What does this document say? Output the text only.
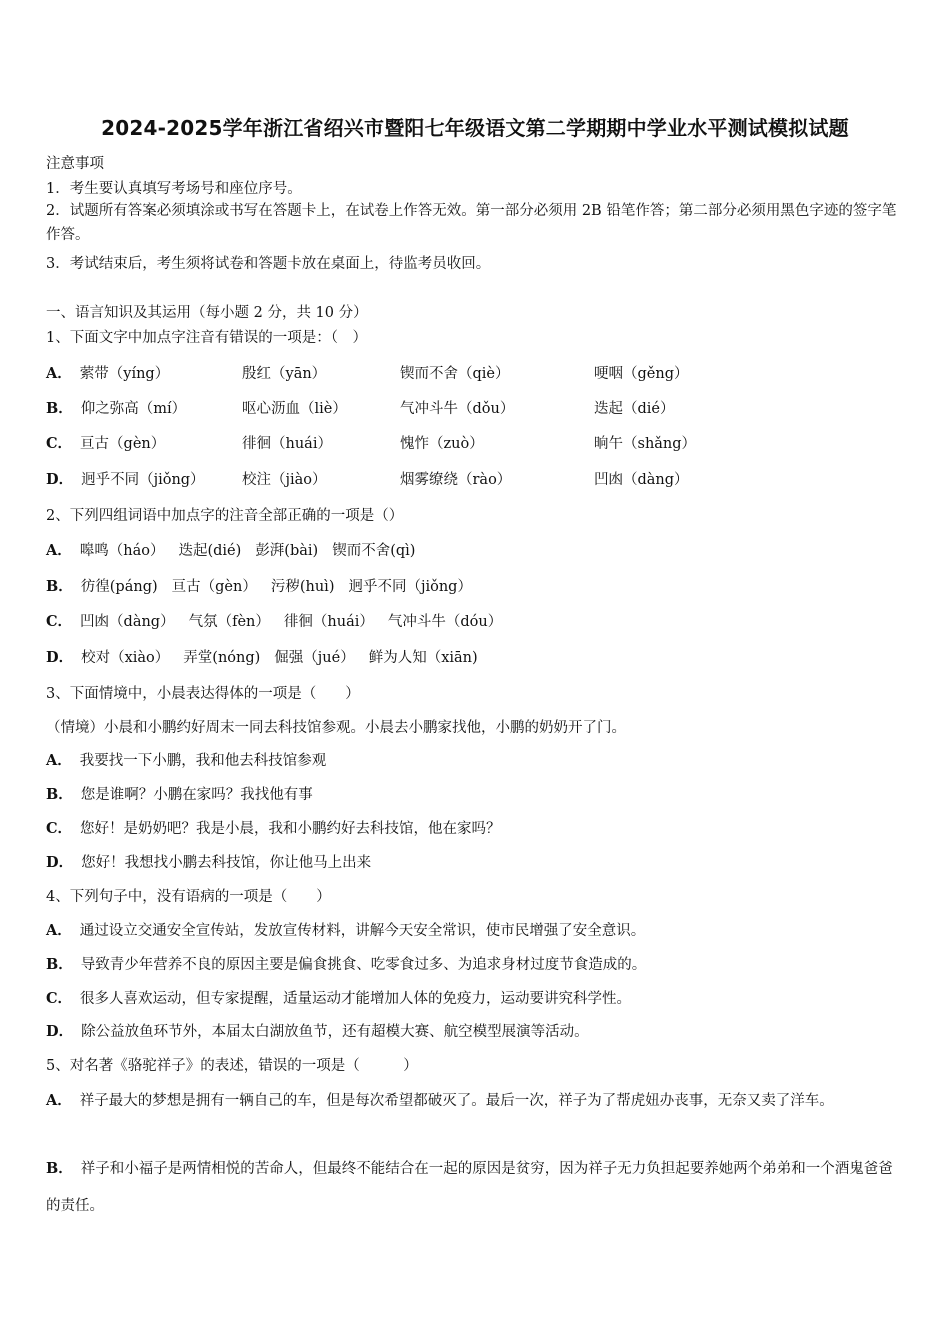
2024-2025学年浙江省绍兴市暨阳七年级语文第二学期期中学业水平测试模拟试题
注意事项
1．考生要认真填写考场号和座位序号。
2．试题所有答案必须填涂或书写在答题卡上，在试卷上作答无效。第一部分必须用 2B 铅笔作答；第二部分必须用黑色字迹的签字笔作答。
3．考试结束后，考生须将试卷和答题卡放在桌面上，待监考员收回。
一、语言知识及其运用（每小题 2 分，共 10 分）
1、下面文字中加点字注音有错误的一项是：（　）
A． 萦带（yíng）	殷红（yān）	锲而不舍（qiè）	哽咽（gěng）
B． 仰之弥高（mí）	呕心沥血（liè）	气冲斗牛（dǒu）	迭起（dié）
C． 亘古（gèn）	徘徊（huái）	愧怍（zuò）	晌午（shǎng）
D． 迥乎不同（jiǒng）	校注（jiào）	烟雾缭绕（rào）	凹凼（dàng）
2、下列四组词语中加点字的注音全部正确的一项是（）
A． 嗥鸣（háo） 迭起(dié) 彭湃(bài) 锲而不舍(qì)
B． 彷徨(páng) 亘古（gèn） 污秽(huì) 迥乎不同（jiǒng）
C． 凹凼（dàng） 气氛（fèn） 徘徊（huái） 气冲斗牛（dóu）
D． 校对（xiào） 弄堂(nóng) 倔强（jué） 鲜为人知（xiān)
3、下面情境中，小晨表达得体的一项是（　　）
（情境）小晨和小鹏约好周末一同去科技馆参观。小晨去小鹏家找他，小鹏的奶奶开了门。
A． 我要找一下小鹏，我和他去科技馆参观
B． 您是谁啊？小鹏在家吗？我找他有事
C． 您好！是奶奶吧？我是小晨，我和小鹏约好去科技馆，他在家吗？
D． 您好！我想找小鹏去科技馆，你让他马上出来
4、下列句子中，没有语病的一项是（　　）
A． 通过设立交通安全宣传站，发放宣传材料，讲解今天安全常识，使市民增强了安全意识。
B． 导致青少年营养不良的原因主要是偏食挑食、吃零食过多、为追求身材过度节食造成的。
C． 很多人喜欢运动，但专家提醒，适量运动才能增加人体的免疫力，运动要讲究科学性。
D． 除公益放鱼环节外，本届太白湖放鱼节，还有超模大赛、航空模型展演等活动。
5、对名著《骆驼祥子》的表述，错误的一项是（　　　）
A． 祥子最大的梦想是拥有一辆自己的车，但是每次希望都破灭了。最后一次，祥子为了帮虎妞办丧事，无奈又卖了洋车。
B． 祥子和小福子是两情相悦的苦命人，但最终不能结合在一起的原因是贫穷，因为祥子无力负担起要养她两个弟弟和一个酒鬼爸爸的责任。
